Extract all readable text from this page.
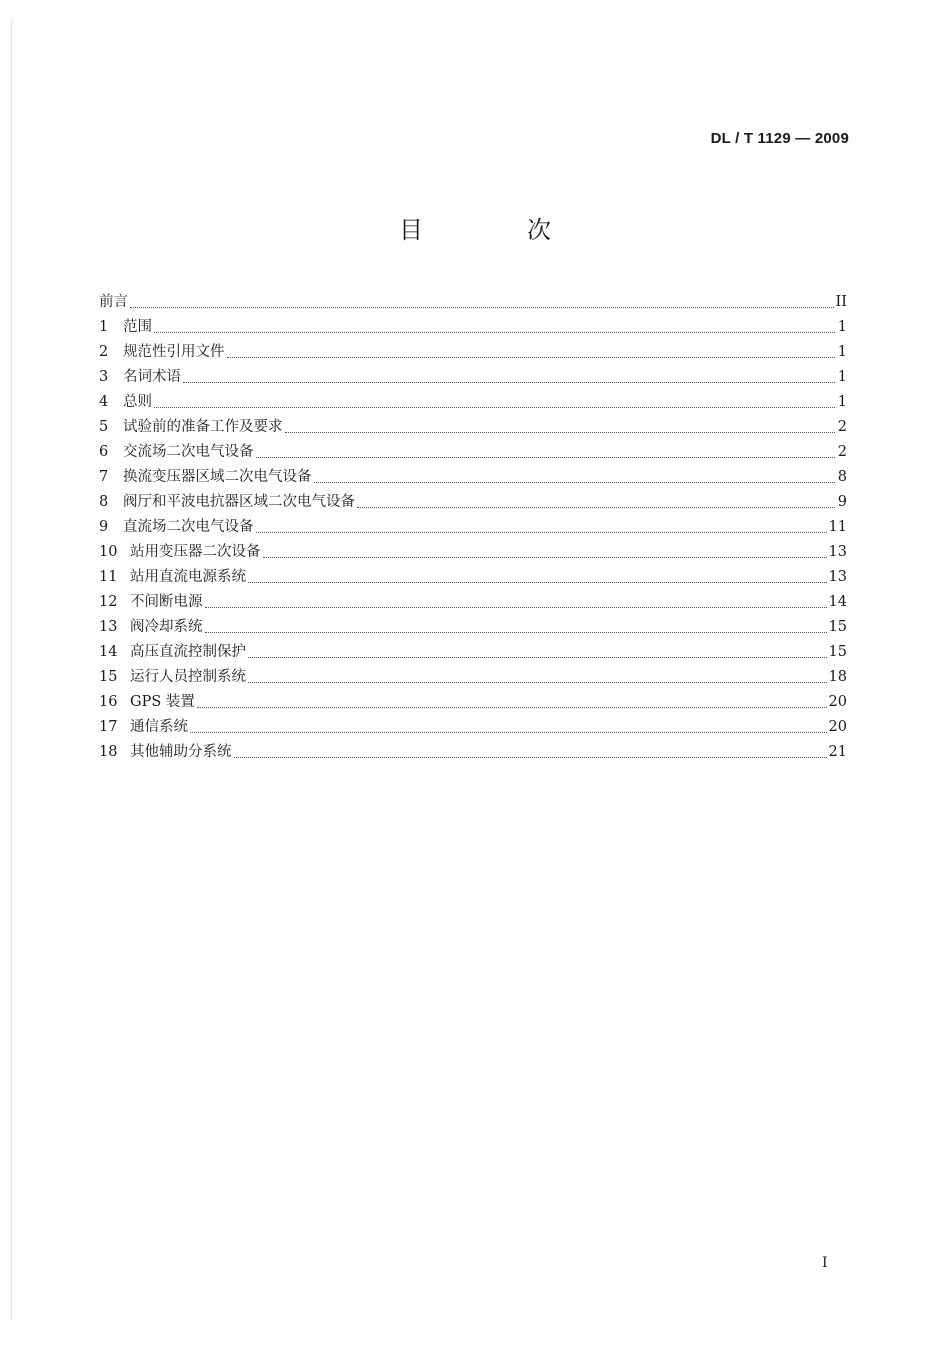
DL / T 1129 — 2009
目　次
前言	II
1	范围	1
2	规范性引用文件	1
3	名词术语	1
4	总则	1
5	试验前的准备工作及要求	2
6	交流场二次电气设备	2
7	换流变压器区域二次电气设备	8
8	阀厅和平波电抗器区域二次电气设备	9
9	直流场二次电气设备	11
10 站用变压器二次设备	13
11 站用直流电源系统	13
12 不间断电源	14
13 阀冷却系统	15
14 高压直流控制保护	15
15 运行人员控制系统	18
16 GPS 装置	20
17 通信系统	20
18 其他辅助分系统	21
I
